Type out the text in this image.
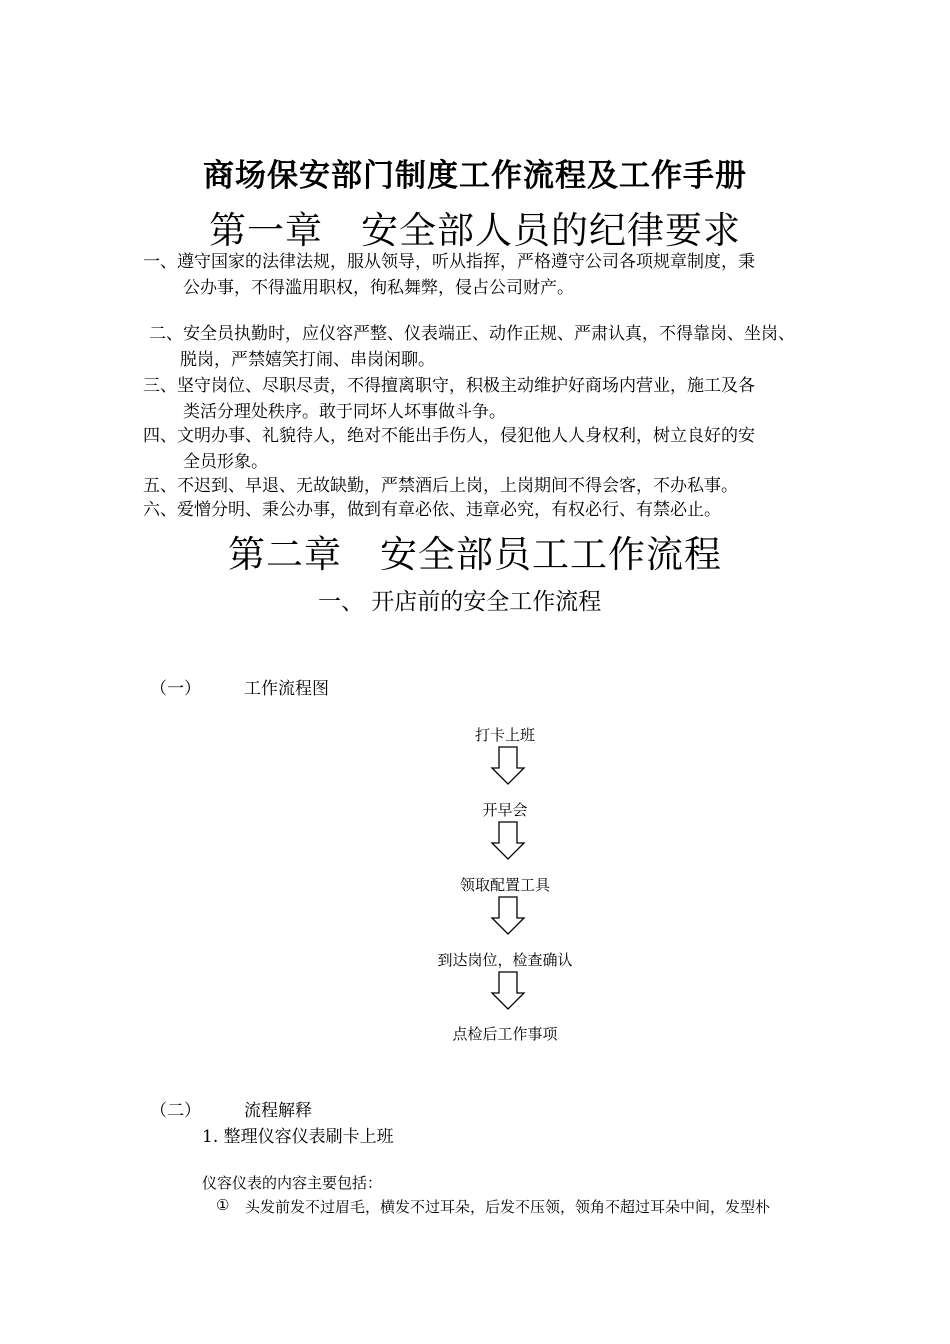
商场保安部门制度工作流程及工作手册
第一章　安全部人员的纪律要求
一、遵守国家的法律法规，服从领导，听从指挥，严格遵守公司各项规章制度，秉
公办事，不得滥用职权，徇私舞弊，侵占公司财产。
二、安全员执勤时，应仪容严整、仪表端正、动作正规、严肃认真，不得靠岗、坐岗、
脱岗，严禁嬉笑打闹、串岗闲聊。
三、坚守岗位、尽职尽责，不得擅离职守，积极主动维护好商场内营业，施工及各
类活分理处秩序。敢于同坏人坏事做斗争。
四、文明办事、礼貌待人，绝对不能出手伤人，侵犯他人人身权利，树立良好的安
全员形象。
五、不迟到、早退、无故缺勤，严禁酒后上岗，上岗期间不得会客，不办私事。
六、爱憎分明、秉公办事，做到有章必依、违章必究，有权必行、有禁必止。
第二章　安全部员工工作流程
一、 开店前的安全工作流程
（一）	工作流程图
打卡上班
开早会
领取配置工具
到达岗位，检查确认
点检后工作事项
（二）	流程解释
1. 整理仪容仪表刷卡上班
仪容仪表的内容主要包括：
① 头发前发不过眉毛，横发不过耳朵，后发不压领，领角不超过耳朵中间，发型朴
